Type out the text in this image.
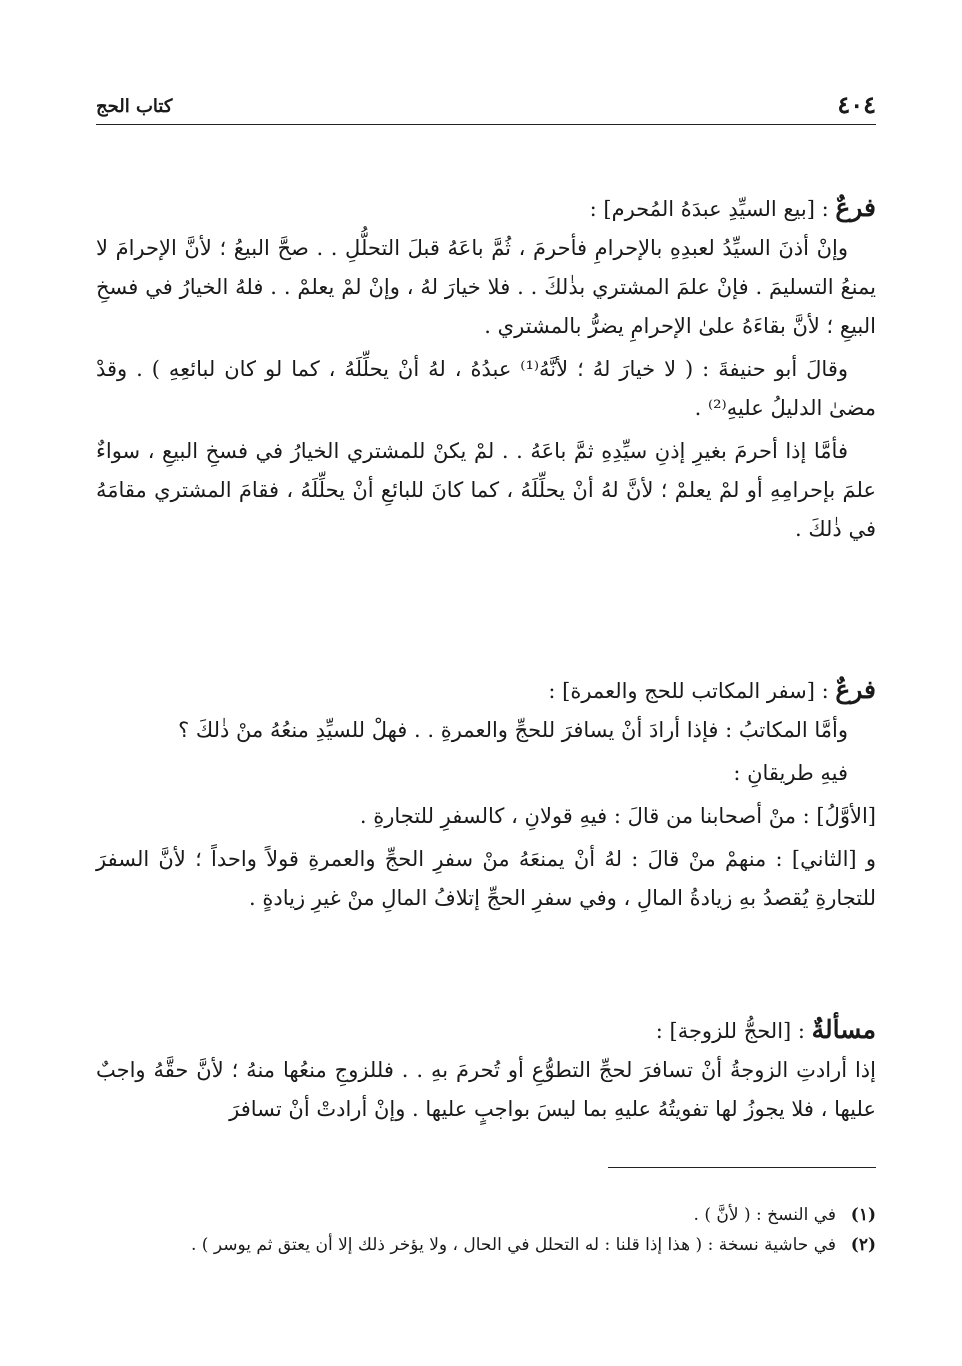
٤٠٤
كتاب الحج

فرعٌ : [بيع السيِّدِ عبدَهُ المُحرم] :

وإنْ أذنَ السيِّدُ لعبدِهِ بالإحرامِ فأحرمَ ، ثُمَّ باعَهُ قبلَ التحلُّلِ . . صحَّ البيعُ ؛ لأنَّ الإحرامَ لا يمنعُ التسليمَ . فإنْ علمَ المشتري بذٰلكَ . . فلا خيارَ لهُ ، وإنْ لمْ يعلمْ . . فلهُ الخيارُ في فسخِ البيعِ ؛ لأنَّ بقاءَهُ علىٰ الإحرامِ يضرُّ بالمشتري .

وقالَ أبو حنيفةَ : ( لا خيارَ لهُ ؛ لأنَّهُ⁽¹⁾ عبدُهُ ، لهُ أنْ يحلِّلَهُ ، كما لو كان لبائعِهِ ) . وقدْ مضىٰ الدليلُ عليهِ⁽²⁾ .

فأمَّا إذا أحرمَ بغيرِ إذنِ سيِّدِهِ ثمَّ باعَهُ . . لمْ يكنْ للمشتري الخيارُ في فسخِ البيعِ ، سواءٌ علمَ بإحرامِهِ أو لمْ يعلمْ ؛ لأنَّ لهُ أنْ يحلِّلَهُ ، كما كانَ للبائعِ أنْ يحلِّلَهُ ، فقامَ المشتري مقامَهُ في ذٰلكَ .

فرعٌ : [سفر المكاتب للحج والعمرة] :

وأمَّا المكاتبُ : فإذا أرادَ أنْ يسافرَ للحجِّ والعمرةِ . . فهلْ للسيِّدِ منعُهُ منْ ذٰلكَ ؟

فيهِ طريقانِ :

[الأوَّلُ] : منْ أصحابنا من قالَ : فيهِ قولانِ ، كالسفرِ للتجارةِ .

و [الثاني] : منهمْ منْ قالَ : لهُ أنْ يمنعَهُ منْ سفرِ الحجِّ والعمرةِ قولاً واحداً ؛ لأنَّ السفرَ للتجارةِ يُقصدُ بهِ زيادةُ المالِ ، وفي سفرِ الحجِّ إتلافُ المالِ منْ غيرِ زيادةٍ .

مسألةٌ : [الحجُّ للزوجة] :

إذا أرادتِ الزوجةُ أنْ تسافرَ لحجِّ التطوُّعِ أو تُحرمَ بهِ . . فللزوجِ منعُها منهُ ؛ لأنَّ حقَّهُ واجبٌ عليها ، فلا يجوزُ لها تفويتُهُ عليهِ بما ليسَ بواجبٍ عليها . وإنْ أرادتْ أنْ تسافرَ

(١)
في النسخ : ( لأنَّ ) .

(٢)
في حاشية نسخة : ( هذا إذا قلنا : له التحلل في الحال ، ولا يؤخر ذلك إلا أن يعتق ثم يوسر ) .
